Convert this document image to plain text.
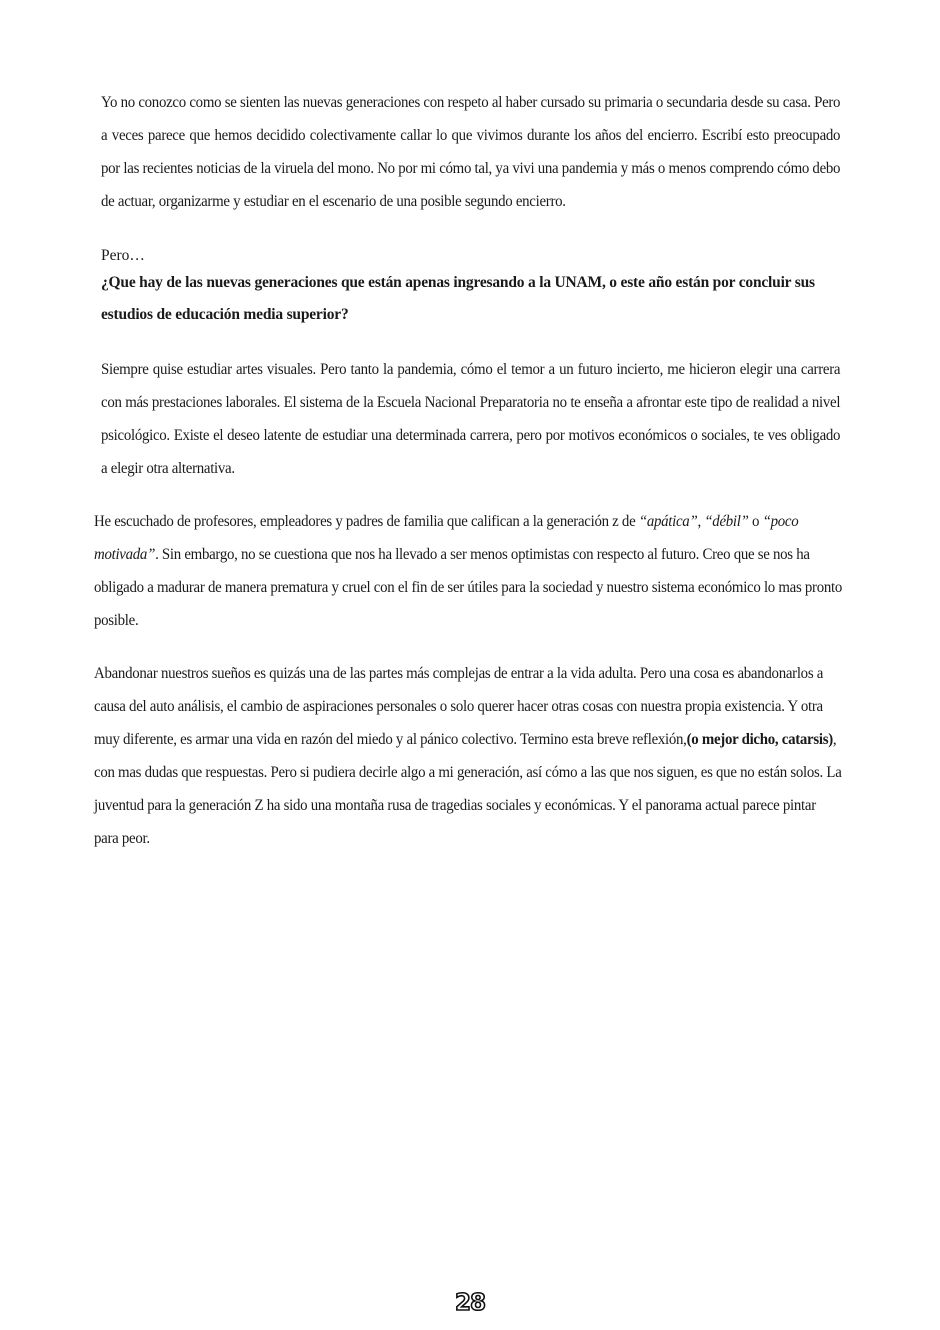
Yo no conozco como se sienten las nuevas generaciones con respeto al haber cursado su primaria o secundaria desde su casa. Pero a veces parece que hemos decidido colectivamente callar lo que vivimos durante los años del encierro. Escribí esto preocupado por las recientes noticias de la viruela del mono. No por mi cómo tal, ya vivi una pandemia y más o menos comprendo cómo debo de actuar, organizarme y estudiar en el escenario de una posible segundo encierro.

Pero…

¿Que hay de las nuevas generaciones que están apenas ingresando a la UNAM, o este año están por concluir sus estudios de educación media superior?

Siempre quise estudiar artes visuales. Pero tanto la pandemia, cómo el temor a un futuro incierto, me hicieron elegir una carrera con más prestaciones laborales. El sistema de la Escuela Nacional Preparatoria no te enseña a afrontar este tipo de realidad a nivel psicológico. Existe el deseo latente de estudiar una determinada carrera, pero por motivos económicos o sociales, te ves obligado a elegir otra alternativa.

He escuchado de profesores, empleadores y padres de familia que califican a la generación z de “apática”, “débil” o “poco motivada”. Sin embargo, no se cuestiona que nos ha llevado a ser menos optimistas con respecto al futuro. Creo que se nos ha obligado a madurar de manera prematura y cruel con el fin de ser útiles para la sociedad y nuestro sistema económico lo mas pronto posible.

Abandonar nuestros sueños es quizás una de las partes más complejas de entrar a la vida adulta. Pero una cosa es abandonarlos a causa del auto análisis, el cambio de aspiraciones personales o solo querer hacer otras cosas con nuestra propia existencia. Y otra muy diferente, es armar una vida en razón del miedo y al pánico colectivo. Termino esta breve reflexión,(o mejor dicho, catarsis), con mas dudas que respuestas. Pero si pudiera decirle algo a mi generación, así cómo a las que nos siguen, es que no están solos. La juventud para la generación Z ha sido una montaña rusa de tragedias sociales y económicas. Y el panorama actual parece pintar para peor.

28
